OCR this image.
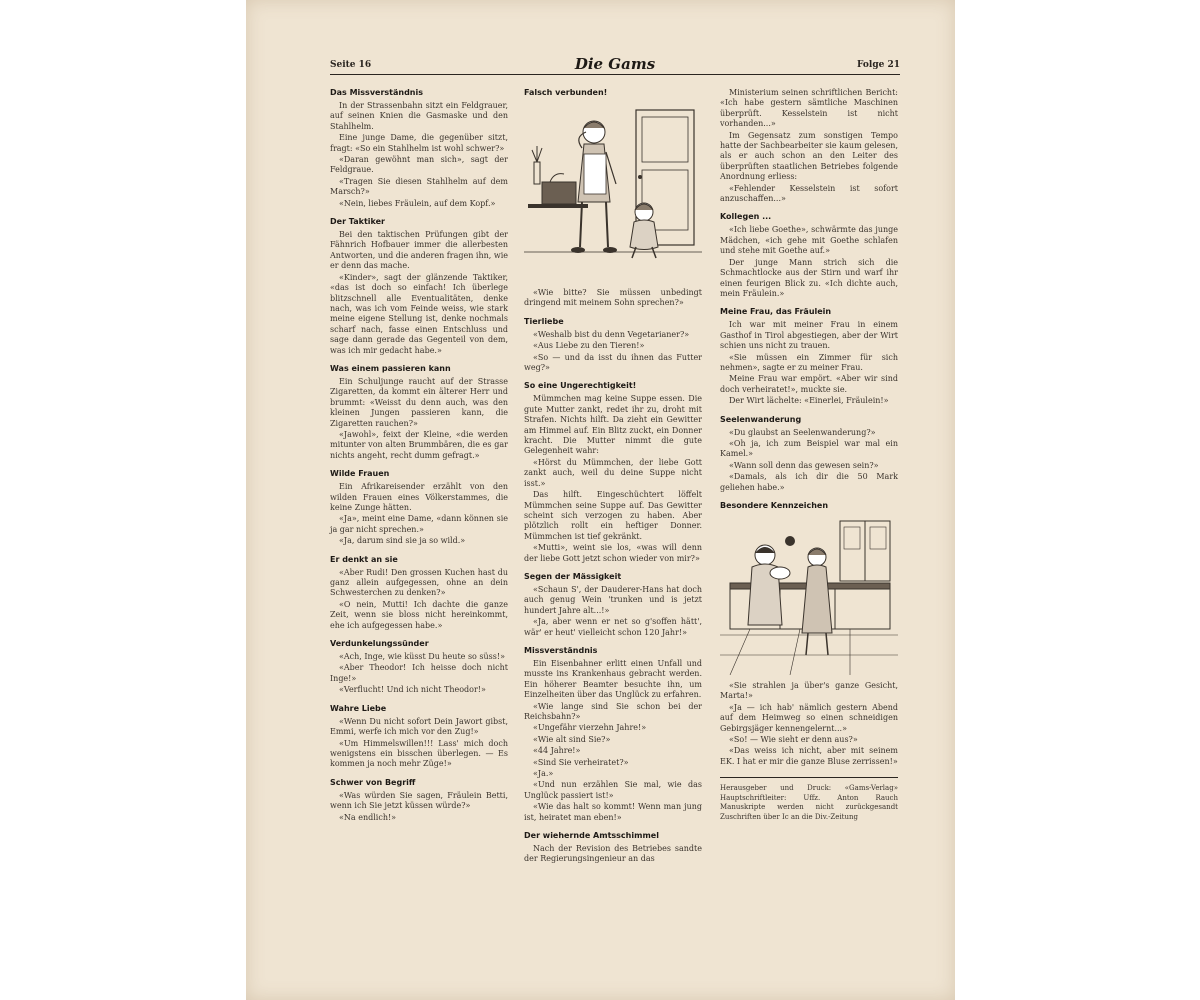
Seite 16	Die Gams	Folge 21
Das Missverständnis

In der Strassenbahn sitzt ein Feldgrauer, auf seinen Knien die Gasmaske und den Stahlhelm.

Eine junge Dame, die gegenüber sitzt, fragt: «So ein Stahlhelm ist wohl schwer?»

«Daran gewöhnt man sich», sagt der Feldgraue.

«Tragen Sie diesen Stahlhelm auf dem Marsch?»

«Nein, liebes Fräulein, auf dem Kopf.»

Der Taktiker

Bei den taktischen Prüfungen gibt der Fähnrich Hofbauer immer die allerbesten Antworten, und die anderen fragen ihn, wie er denn das mache.

«Kinder», sagt der glänzende Taktiker, «das ist doch so einfach! Ich überlege blitzschnell alle Eventualitäten, denke nach, was ich vom Feinde weiss, wie stark meine eigene Stellung ist, denke nochmals scharf nach, fasse einen Entschluss und sage dann gerade das Gegenteil von dem, was ich mir gedacht habe.»

Was einem passieren kann

Ein Schuljunge raucht auf der Strasse Zigaretten, da kommt ein älterer Herr und brummt: «Weisst du denn auch, was den kleinen Jungen passieren kann, die Zigaretten rauchen?»

«Jawohl», feixt der Kleine, «die werden mitunter von alten Brummbären, die es gar nichts angeht, recht dumm gefragt.»

Wilde Frauen

Ein Afrikareisender erzählt von den wilden Frauen eines Völkerstammes, die keine Zunge hätten.

«Ja», meint eine Dame, «dann können sie ja gar nicht sprechen.»

«Ja, darum sind sie ja so wild.»

Er denkt an sie

«Aber Rudi! Den grossen Kuchen hast du ganz allein aufgegessen, ohne an dein Schwesterchen zu denken?»

«O nein, Mutti! Ich dachte die ganze Zeit, wenn sie bloss nicht hereinkommt, ehe ich aufgegessen habe.»

Verdunkelungssünder

«Ach, Inge, wie küsst Du heute so süss!»

«Aber Theodor! Ich heisse doch nicht Inge!»

«Verflucht! Und ich nicht Theodor!»

Wahre Liebe

«Wenn Du nicht sofort Dein Jawort gibst, Emmi, werfe ich mich vor den Zug!»

«Um Himmelswillen!!! Lass' mich doch wenigstens ein bisschen überlegen. — Es kommen ja noch mehr Züge!»

Schwer von Begriff

«Was würden Sie sagen, Fräulein Betti, wenn ich Sie jetzt küssen würde?»

«Na endlich!»

Falsch verbunden!

«Wie bitte? Sie müssen unbedingt dringend mit meinem Sohn sprechen?»

Tierliebe

«Weshalb bist du denn Vegetarianer?»

«Aus Liebe zu den Tieren!»

«So — und da isst du ihnen das Futter weg?»

So eine Ungerechtigkeit!

Mümmchen mag keine Suppe essen. Die gute Mutter zankt, redet ihr zu, droht mit Strafen. Nichts hilft. Da zieht ein Gewitter am Himmel auf. Ein Blitz zuckt, ein Donner kracht. Die Mutter nimmt die gute Gelegenheit wahr:

«Hörst du Mümmchen, der liebe Gott zankt auch, weil du deine Suppe nicht isst.»

Das hilft. Eingeschüchtert löffelt Mümmchen seine Suppe auf. Das Gewitter scheint sich verzogen zu haben. Aber plötzlich rollt ein heftiger Donner. Mümmchen ist tief gekränkt.

«Mutti», weint sie los, «was will denn der liebe Gott jetzt schon wieder von mir?»

Segen der Mässigkeit

«Schaun S', der Dauderer-Hans hat doch auch genug Wein 'trunken und is jetzt hundert Jahre alt...!»

«Ja, aber wenn er net so g'soffen hätt', wär' er heut' vielleicht schon 120 Jahr!»

Missverständnis

Ein Eisenbahner erlitt einen Unfall und musste ins Krankenhaus gebracht werden. Ein höherer Beamter besuchte ihn, um Einzelheiten über das Unglück zu erfahren.

«Wie lange sind Sie schon bei der Reichsbahn?»

«Ungefähr vierzehn Jahre!»

«Wie alt sind Sie?»

«44 Jahre!»

«Sind Sie verheiratet?»

«Ja.»

«Und nun erzählen Sie mal, wie das Unglück passiert ist!»

«Wie das halt so kommt! Wenn man jung ist, heiratet man eben!»

Der wiehernde Amtsschimmel

Nach der Revision des Betriebes sandte der Regierungsingenieur an das

Ministerium seinen schriftlichen Bericht: «Ich habe gestern sämtliche Maschinen überprüft. Kesselstein ist nicht vorhanden...»

Im Gegensatz zum sonstigen Tempo hatte der Sachbearbeiter sie kaum gelesen, als er auch schon an den Leiter des überprüften staatlichen Betriebes folgende Anordnung erliess:

«Fehlender Kesselstein ist sofort anzuschaffen...»

Kollegen ...

«Ich liebe Goethe», schwärmte das junge Mädchen, «ich gehe mit Goethe schlafen und stehe mit Goethe auf.»

Der junge Mann strich sich die Schmachtlocke aus der Stirn und warf ihr einen feurigen Blick zu. «Ich dichte auch, mein Fräulein.»

Meine Frau, das Fräulein

Ich war mit meiner Frau in einem Gasthof in Tirol abgestiegen, aber der Wirt schien uns nicht zu trauen.

«Sie müssen ein Zimmer für sich nehmen», sagte er zu meiner Frau.

Meine Frau war empört. «Aber wir sind doch verheiratet!», muckte sie.

Der Wirt lächelte: «Einerlei, Fräulein!»

Seelenwanderung

«Du glaubst an Seelenwanderung?»

«Oh ja, ich zum Beispiel war mal ein Kamel.»

«Wann soll denn das gewesen sein?»

«Damals, als ich dir die 50 Mark geliehen habe.»

Besondere Kennzeichen

«Sie strahlen ja über's ganze Gesicht, Marta!»

«Ja — ich hab' nämlich gestern Abend auf dem Heimweg so einen schneidigen Gebirgsjäger kennengelernt...»

«So! — Wie sieht er denn aus?»

«Das weiss ich nicht, aber mit seinem EK. I hat er mir die ganze Bluse zerrissen!»

Herausgeber und Druck: «Gams-Verlag» Hauptschriftleiter: Uffz. Anton Rauch Manuskripte werden nicht zurückgesandt Zuschriften über Ic an die Div.-Zeitung
